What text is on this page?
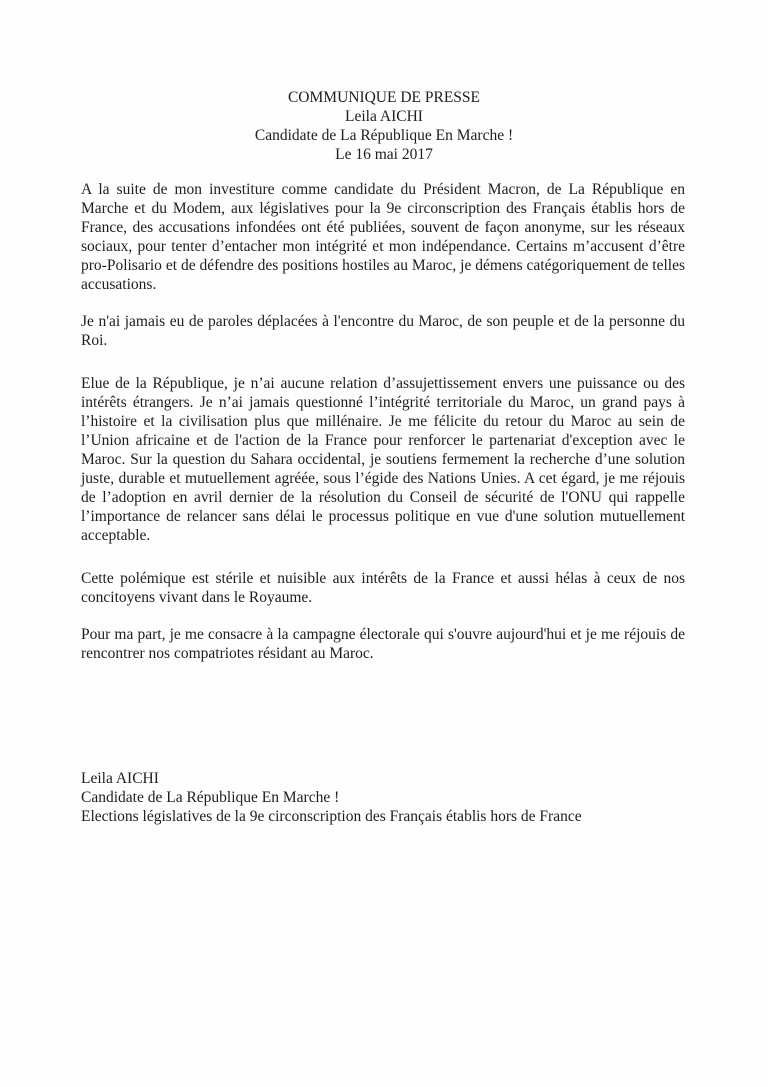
COMMUNIQUE DE PRESSE
Leila AICHI
Candidate de La République En Marche !
Le 16 mai 2017

A la suite de mon investiture comme candidate du Président Macron, de La République en Marche et du Modem, aux législatives pour la 9e circonscription des Français établis hors de France, des accusations infondées ont été publiées, souvent de façon anonyme, sur les réseaux sociaux, pour tenter d’entacher mon intégrité et mon indépendance. Certains m’accusent d’être pro-Polisario et de défendre des positions hostiles au Maroc, je démens catégoriquement de telles accusations.

Je n'ai jamais eu de paroles déplacées à l'encontre du Maroc, de son peuple et de la personne du Roi.

Elue de la République, je n’ai aucune relation d’assujettissement envers une puissance ou des intérêts étrangers. Je n’ai jamais questionné l’intégrité territoriale du Maroc, un grand pays à l’histoire et la civilisation plus que millénaire. Je me félicite du retour du Maroc au sein de l’Union africaine et de l'action de la France pour renforcer le partenariat d'exception avec le Maroc. Sur la question du Sahara occidental, je soutiens fermement la recherche d’une solution juste, durable et mutuellement agréée, sous l’égide des Nations Unies. A cet égard, je me réjouis de l’adoption en avril dernier de la résolution du Conseil de sécurité de l'ONU qui rappelle l’importance de relancer sans délai le processus politique en vue d'une solution mutuellement acceptable.

Cette polémique est stérile et nuisible aux intérêts de la France et aussi hélas à ceux de nos concitoyens vivant dans le Royaume.

Pour ma part, je me consacre à la campagne électorale qui s'ouvre aujourd'hui et je me réjouis de rencontrer nos compatriotes résidant au Maroc.

Leila AICHI
Candidate de La République En Marche !
Elections législatives de la 9e circonscription des Français établis hors de France
